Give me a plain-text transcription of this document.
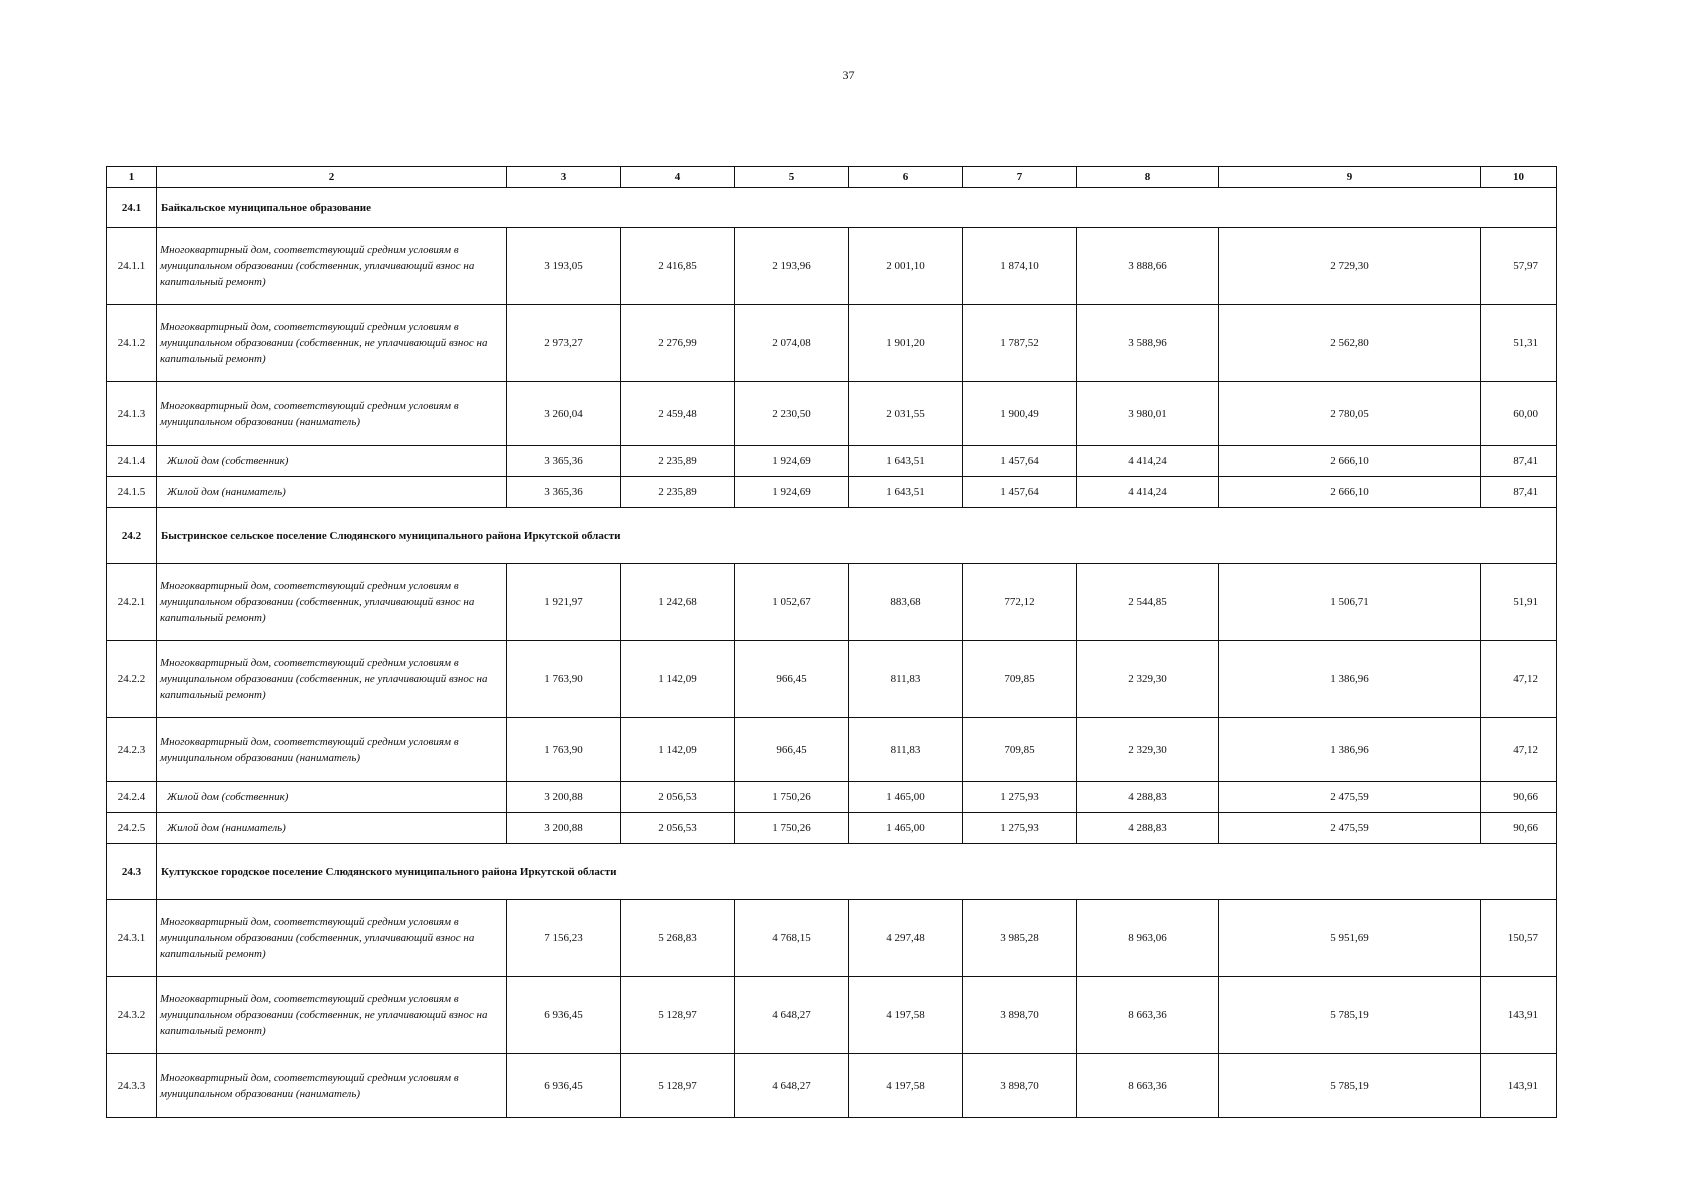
37
1	2	3	4	5	6	7	8	9	10
24.1	Байкальское муниципальное образование								
24.1.1	Многоквартирный дом, соответствующий средним условиям в муниципальном образовании (собственник, уплачивающий взнос на капитальный ремонт)	3 193,05	2 416,85	2 193,96	2 001,10	1 874,10	3 888,66	2 729,30	57,97
24.1.2	Многоквартирный дом, соответствующий средним условиям в муниципальном образовании (собственник, не уплачивающий взнос на капитальный ремонт)	2 973,27	2 276,99	2 074,08	1 901,20	1 787,52	3 588,96	2 562,80	51,31
24.1.3	Многоквартирный дом, соответствующий средним условиям в муниципальном образовании (наниматель)	3 260,04	2 459,48	2 230,50	2 031,55	1 900,49	3 980,01	2 780,05	60,00
24.1.4	Жилой дом (собственник)	3 365,36	2 235,89	1 924,69	1 643,51	1 457,64	4 414,24	2 666,10	87,41
24.1.5	Жилой дом (наниматель)	3 365,36	2 235,89	1 924,69	1 643,51	1 457,64	4 414,24	2 666,10	87,41
24.2	Быстринское сельское поселение Слюдянского муниципального района Иркутской области								
24.2.1	Многоквартирный дом, соответствующий средним условиям в муниципальном образовании (собственник, уплачивающий взнос на капитальный ремонт)	1 921,97	1 242,68	1 052,67	883,68	772,12	2 544,85	1 506,71	51,91
24.2.2	Многоквартирный дом, соответствующий средним условиям в муниципальном образовании (собственник, не уплачивающий взнос на капитальный ремонт)	1 763,90	1 142,09	966,45	811,83	709,85	2 329,30	1 386,96	47,12
24.2.3	Многоквартирный дом, соответствующий средним условиям в муниципальном образовании (наниматель)	1 763,90	1 142,09	966,45	811,83	709,85	2 329,30	1 386,96	47,12
24.2.4	Жилой дом (собственник)	3 200,88	2 056,53	1 750,26	1 465,00	1 275,93	4 288,83	2 475,59	90,66
24.2.5	Жилой дом (наниматель)	3 200,88	2 056,53	1 750,26	1 465,00	1 275,93	4 288,83	2 475,59	90,66
24.3	Култукское городское поселение Слюдянского муниципального района Иркутской области								
24.3.1	Многоквартирный дом, соответствующий средним условиям в муниципальном образовании (собственник, уплачивающий взнос на капитальный ремонт)	7 156,23	5 268,83	4 768,15	4 297,48	3 985,28	8 963,06	5 951,69	150,57
24.3.2	Многоквартирный дом, соответствующий средним условиям в муниципальном образовании (собственник, не уплачивающий взнос на капитальный ремонт)	6 936,45	5 128,97	4 648,27	4 197,58	3 898,70	8 663,36	5 785,19	143,91
24.3.3	Многоквартирный дом, соответствующий средним условиям в муниципальном образовании (наниматель)	6 936,45	5 128,97	4 648,27	4 197,58	3 898,70	8 663,36	5 785,19	143,91
